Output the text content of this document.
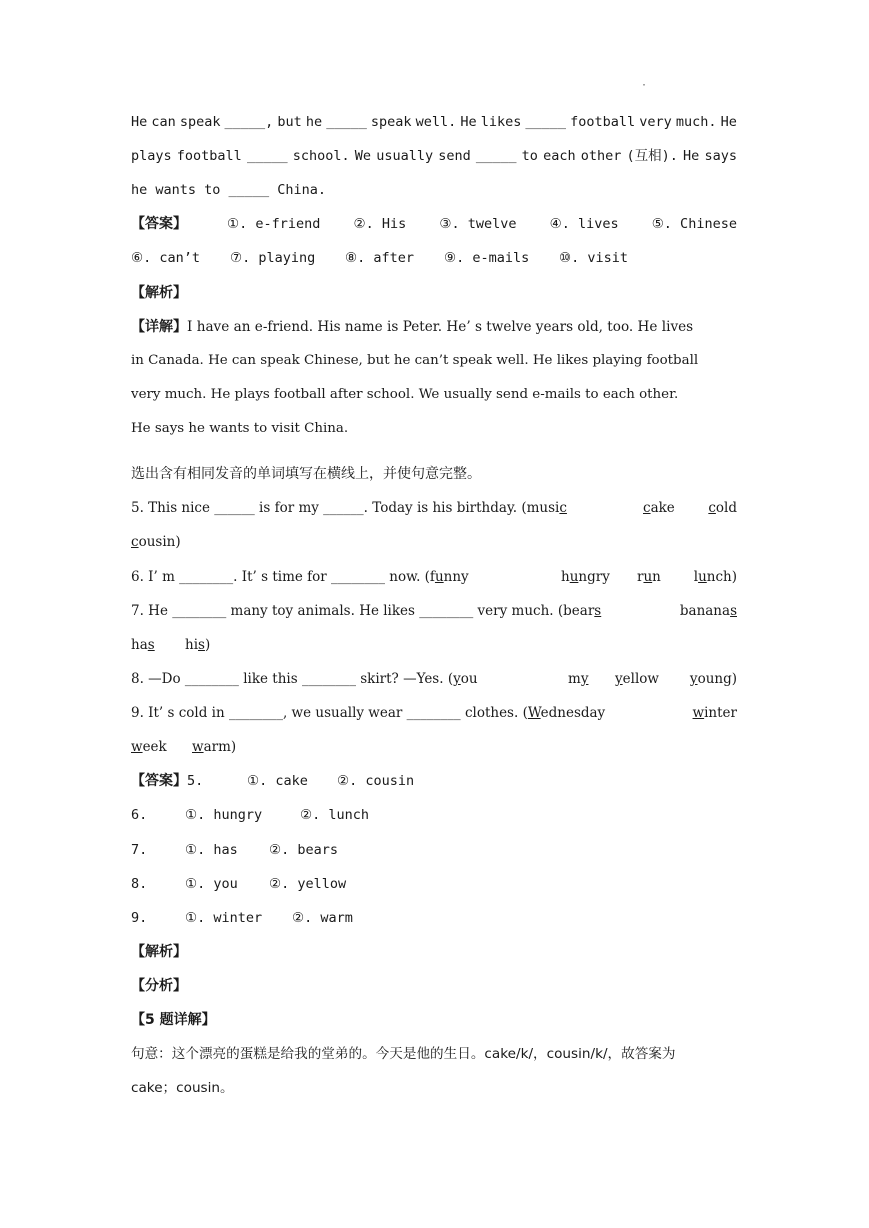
·
He can speak _____, but he _____ speak well. He likes _____ football very much. He
plays football _____ school. We usually send _____ to each other (互相). He says
he wants to _____ China.
【答案】	①. e-friend ②. His ③. twelve ④. lives ⑤. Chinese
⑥. can’t ⑦. playing ⑧. after ⑨. e-mails ⑩. visit
【解析】
【详解】I have an e-friend. His name is Peter. He’ s twelve years old, too. He lives
in Canada. He can speak Chinese, but he can’t speak well. He likes playing football
very much. He plays football after school. We usually send e-mails to each other.
He says he wants to visit China.
选出含有相同发音的单词填写在横线上，并使句意完整。
5. This nice ______ is for my ______. Today is his birthday. (music	cake cold
cousin)
6. I’ m ________. It’ s time for ________ now. (funny	hungry run lunch)
7. He ________ many toy animals. He likes ________ very much. (bears	bananas
has his)
8. —Do ________ like this ________ skirt? —Yes. (you	my yellow young)
9. It’ s cold in ________, we usually wear ________ clothes. (Wednesday	winter
week warm)
【答案】5.	①. cake ②. cousin
6.	①. hungry	②. lunch
7.	①. has ②. bears
8.	①. you ②. yellow
9.	①. winter ②. warm
【解析】
【分析】
【5 题详解】
句意：这个漂亮的蛋糕是给我的堂弟的。今天是他的生日。cake/k/，cousin/k/，故答案为
cake；cousin。
